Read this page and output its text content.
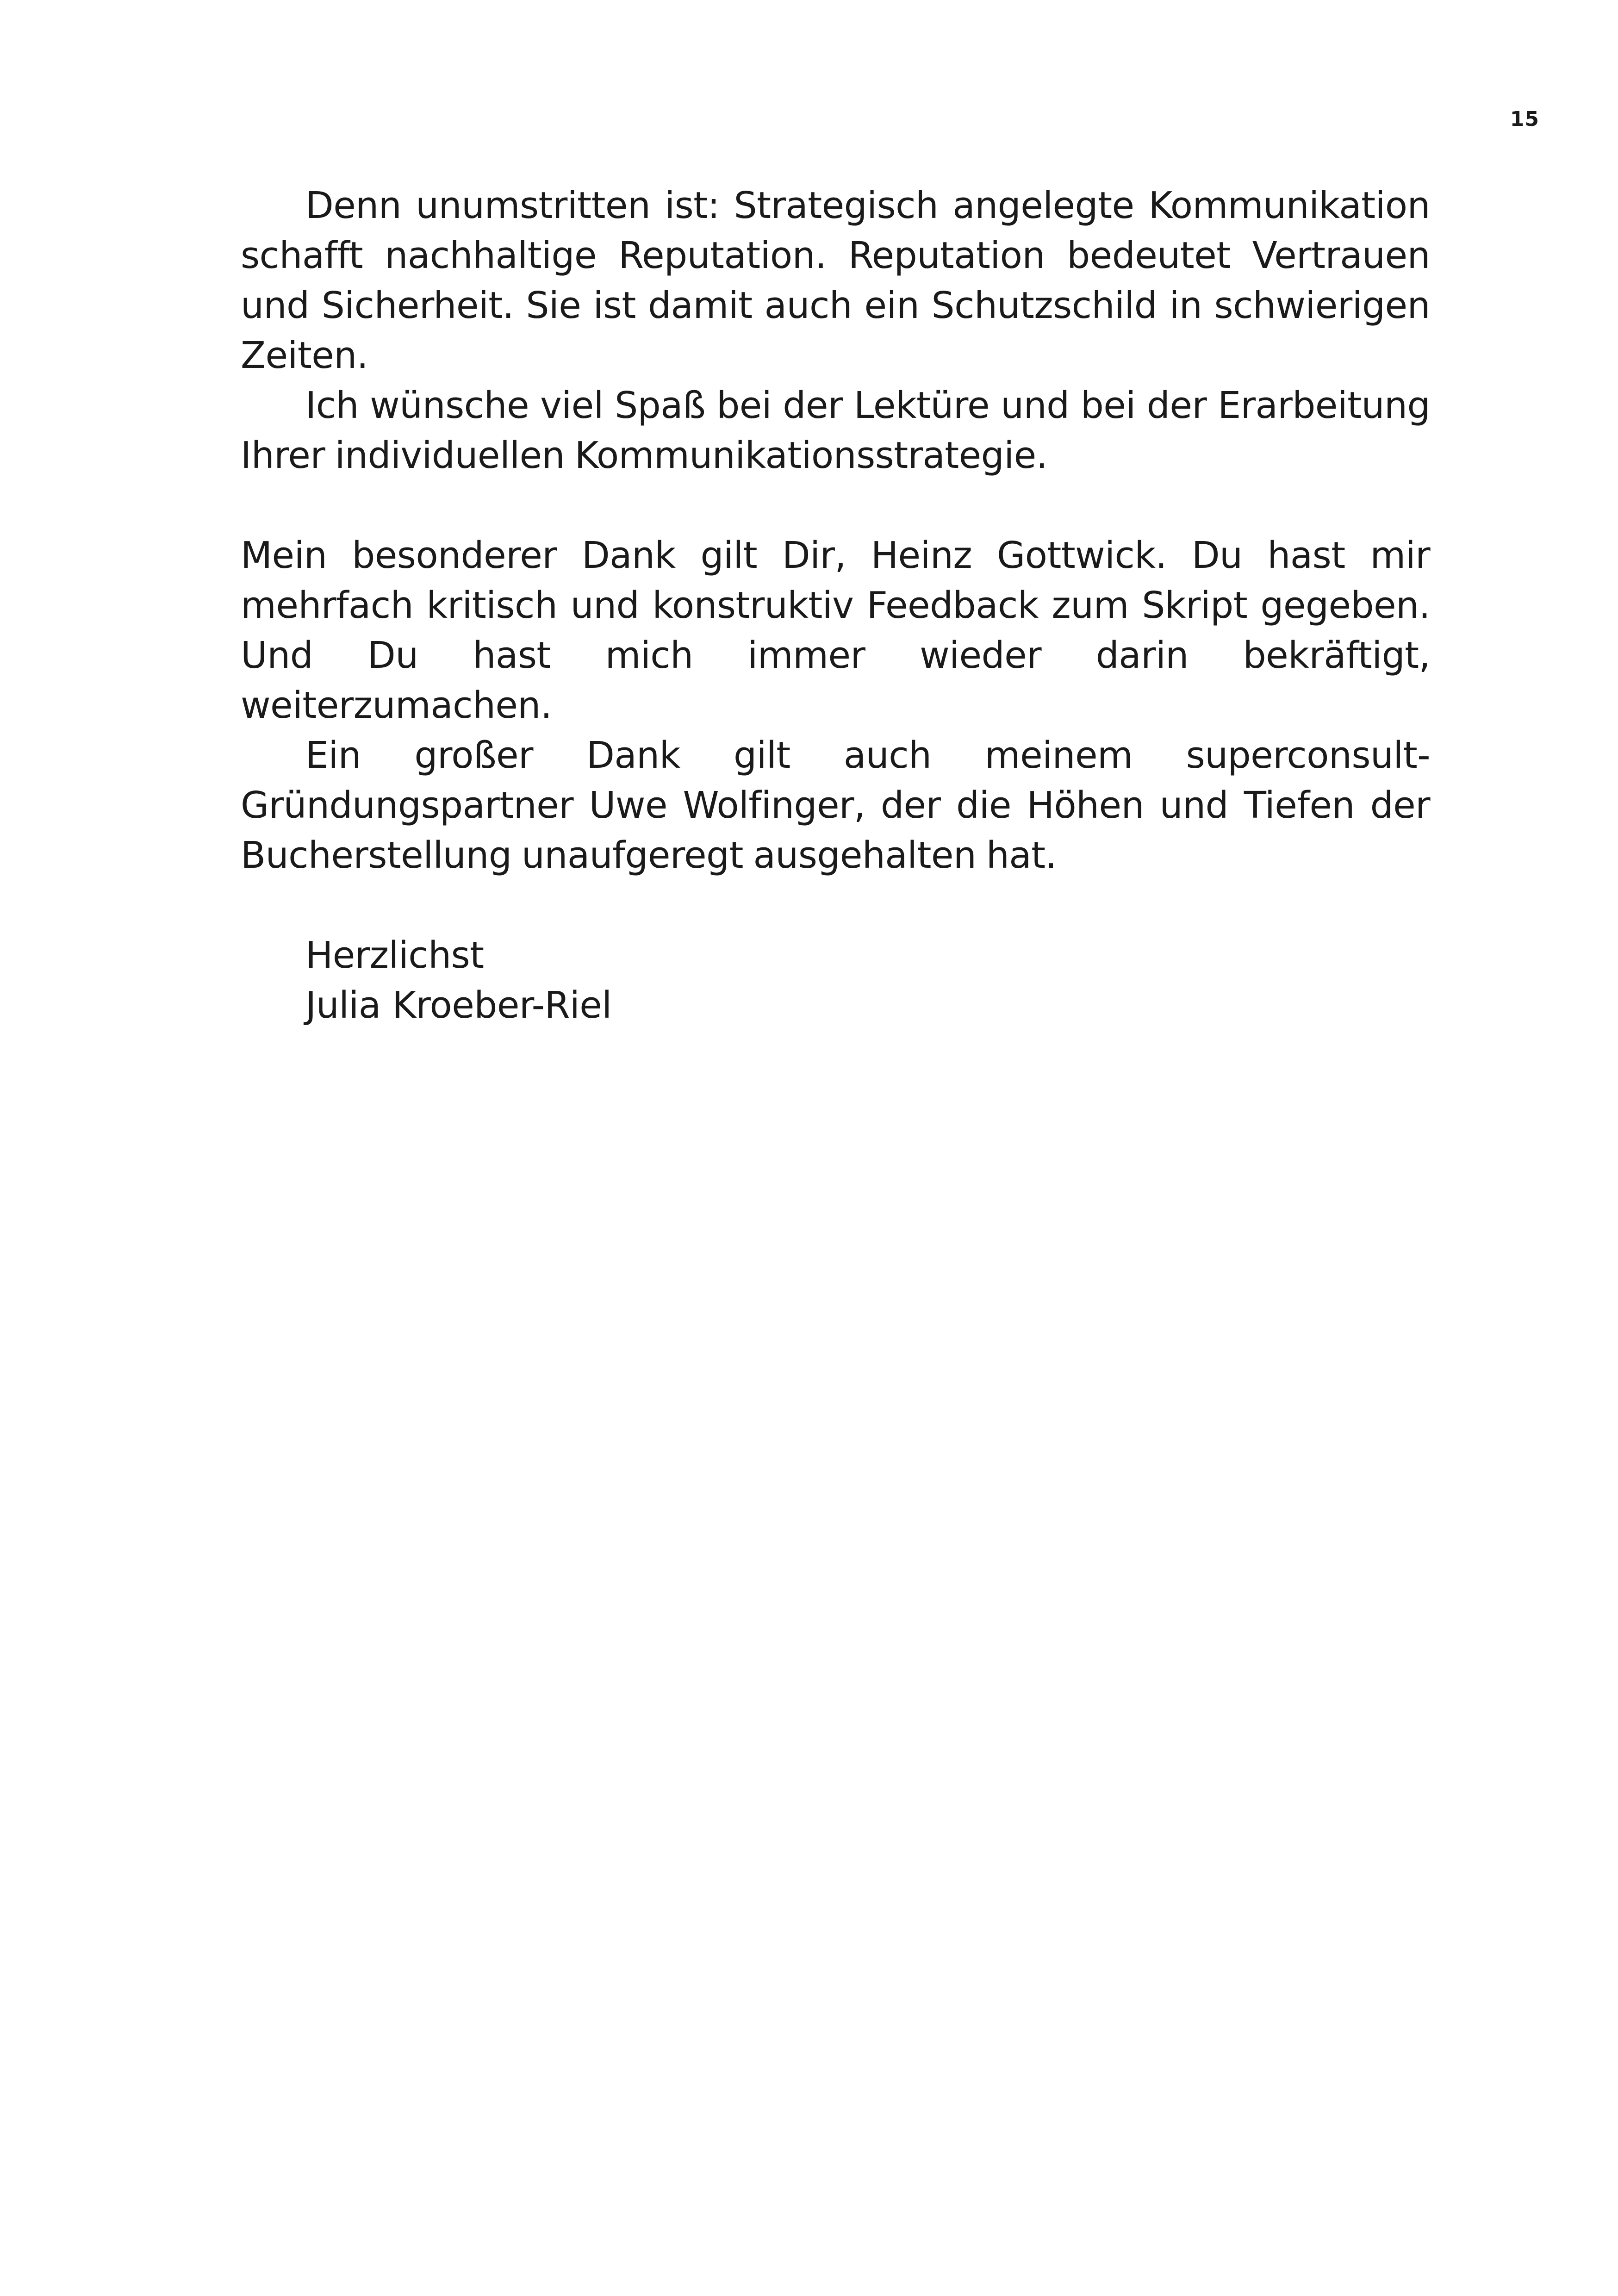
15

Denn unumstritten ist: Strategisch angelegte Kommunikation schafft nachhaltige Reputation. Reputation bedeutet Vertrauen und Sicherheit. Sie ist damit auch ein Schutzschild in schwierigen Zeiten.

Ich wünsche viel Spaß bei der Lektüre und bei der Erarbeitung Ihrer individuellen Kommunikationsstrategie.

Mein besonderer Dank gilt Dir, Heinz Gottwick. Du hast mir mehrfach kritisch und konstruktiv Feedback zum Skript gegeben. Und Du hast mich immer wieder darin bekräftigt, weiterzumachen.

Ein großer Dank gilt auch meinem superconsult-Gründungspartner Uwe Wolfinger, der die Höhen und Tiefen der Bucherstellung unaufgeregt ausgehalten hat.

Herzlichst

Julia Kroeber-Riel
